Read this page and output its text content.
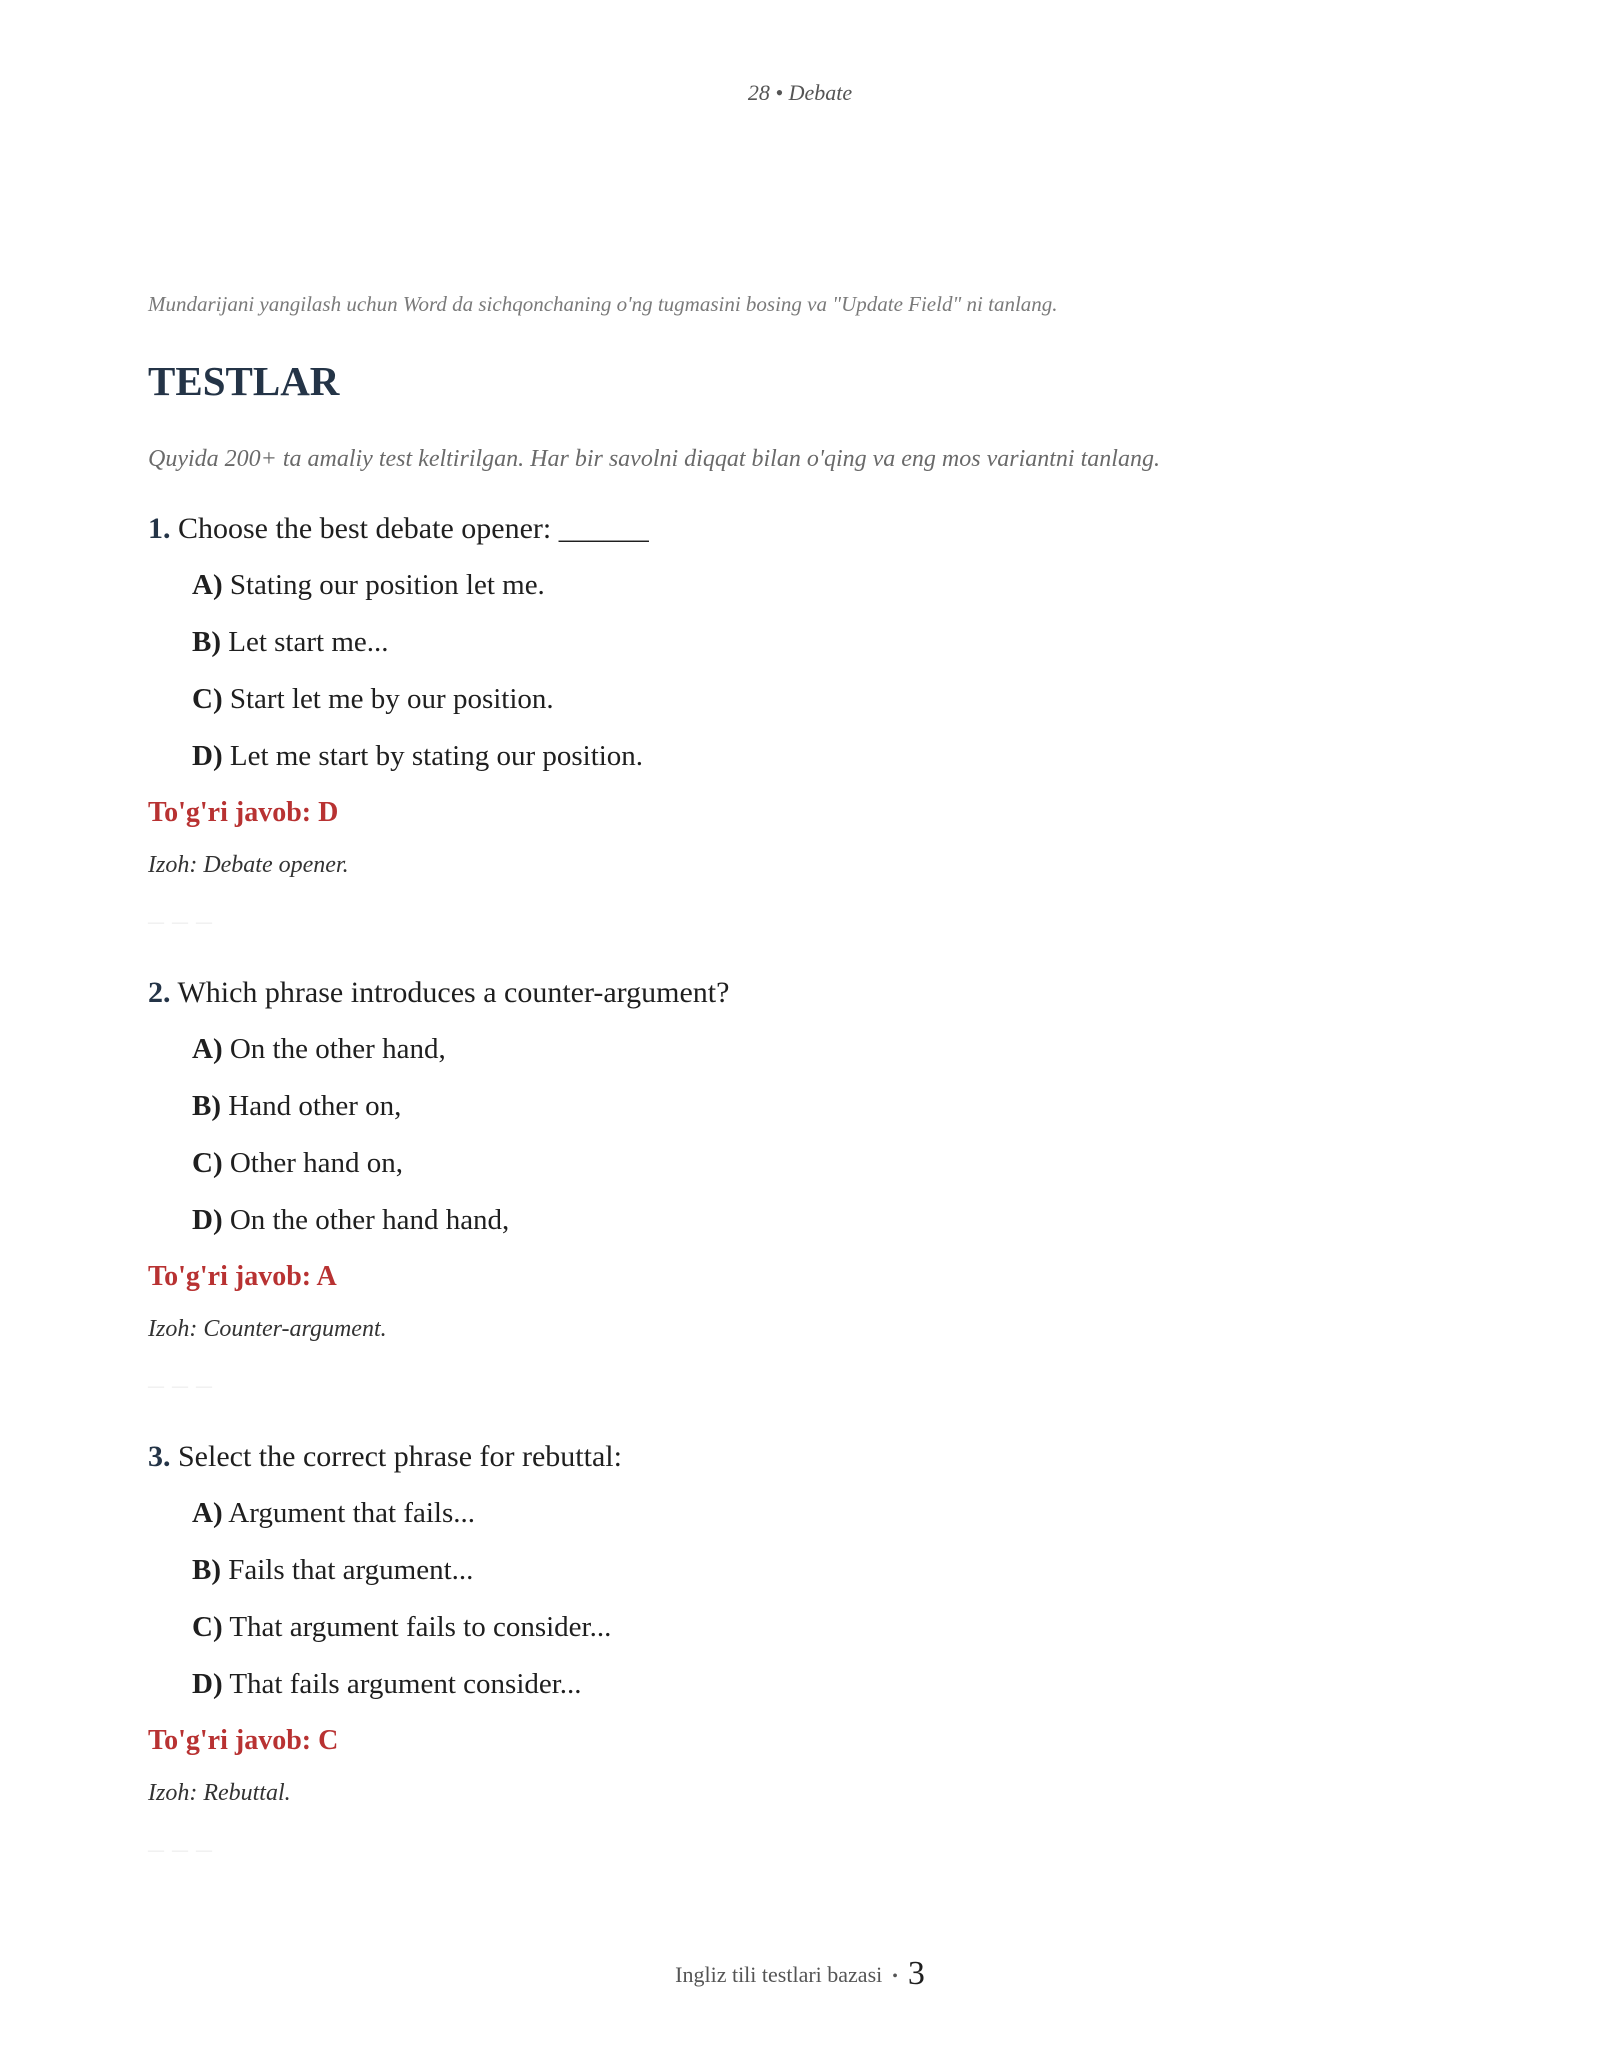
28 • Debate

Mundarijani yangilash uchun Word da sichqonchaning o'ng tugmasini bosing va "Update Field" ni tanlang.

TESTLAR

Quyida 200+ ta amaliy test keltirilgan. Har bir savolni diqqat bilan o'qing va eng mos variantni tanlang.

1. Choose the best debate opener: ______

A) Stating our position let me.

B) Let start me...

C) Start let me by our position.

D) Let me start by stating our position.

To'g'ri javob: D

Izoh: Debate opener.

— — —

2. Which phrase introduces a counter-argument?

A) On the other hand,

B) Hand other on,

C) Other hand on,

D) On the other hand hand,

To'g'ri javob: A

Izoh: Counter-argument.

— — —

3. Select the correct phrase for rebuttal:

A) Argument that fails...

B) Fails that argument...

C) That argument fails to consider...

D) That fails argument consider...

To'g'ri javob: C

Izoh: Rebuttal.

— — —
Ingliz tili testlari bazasi • 3
